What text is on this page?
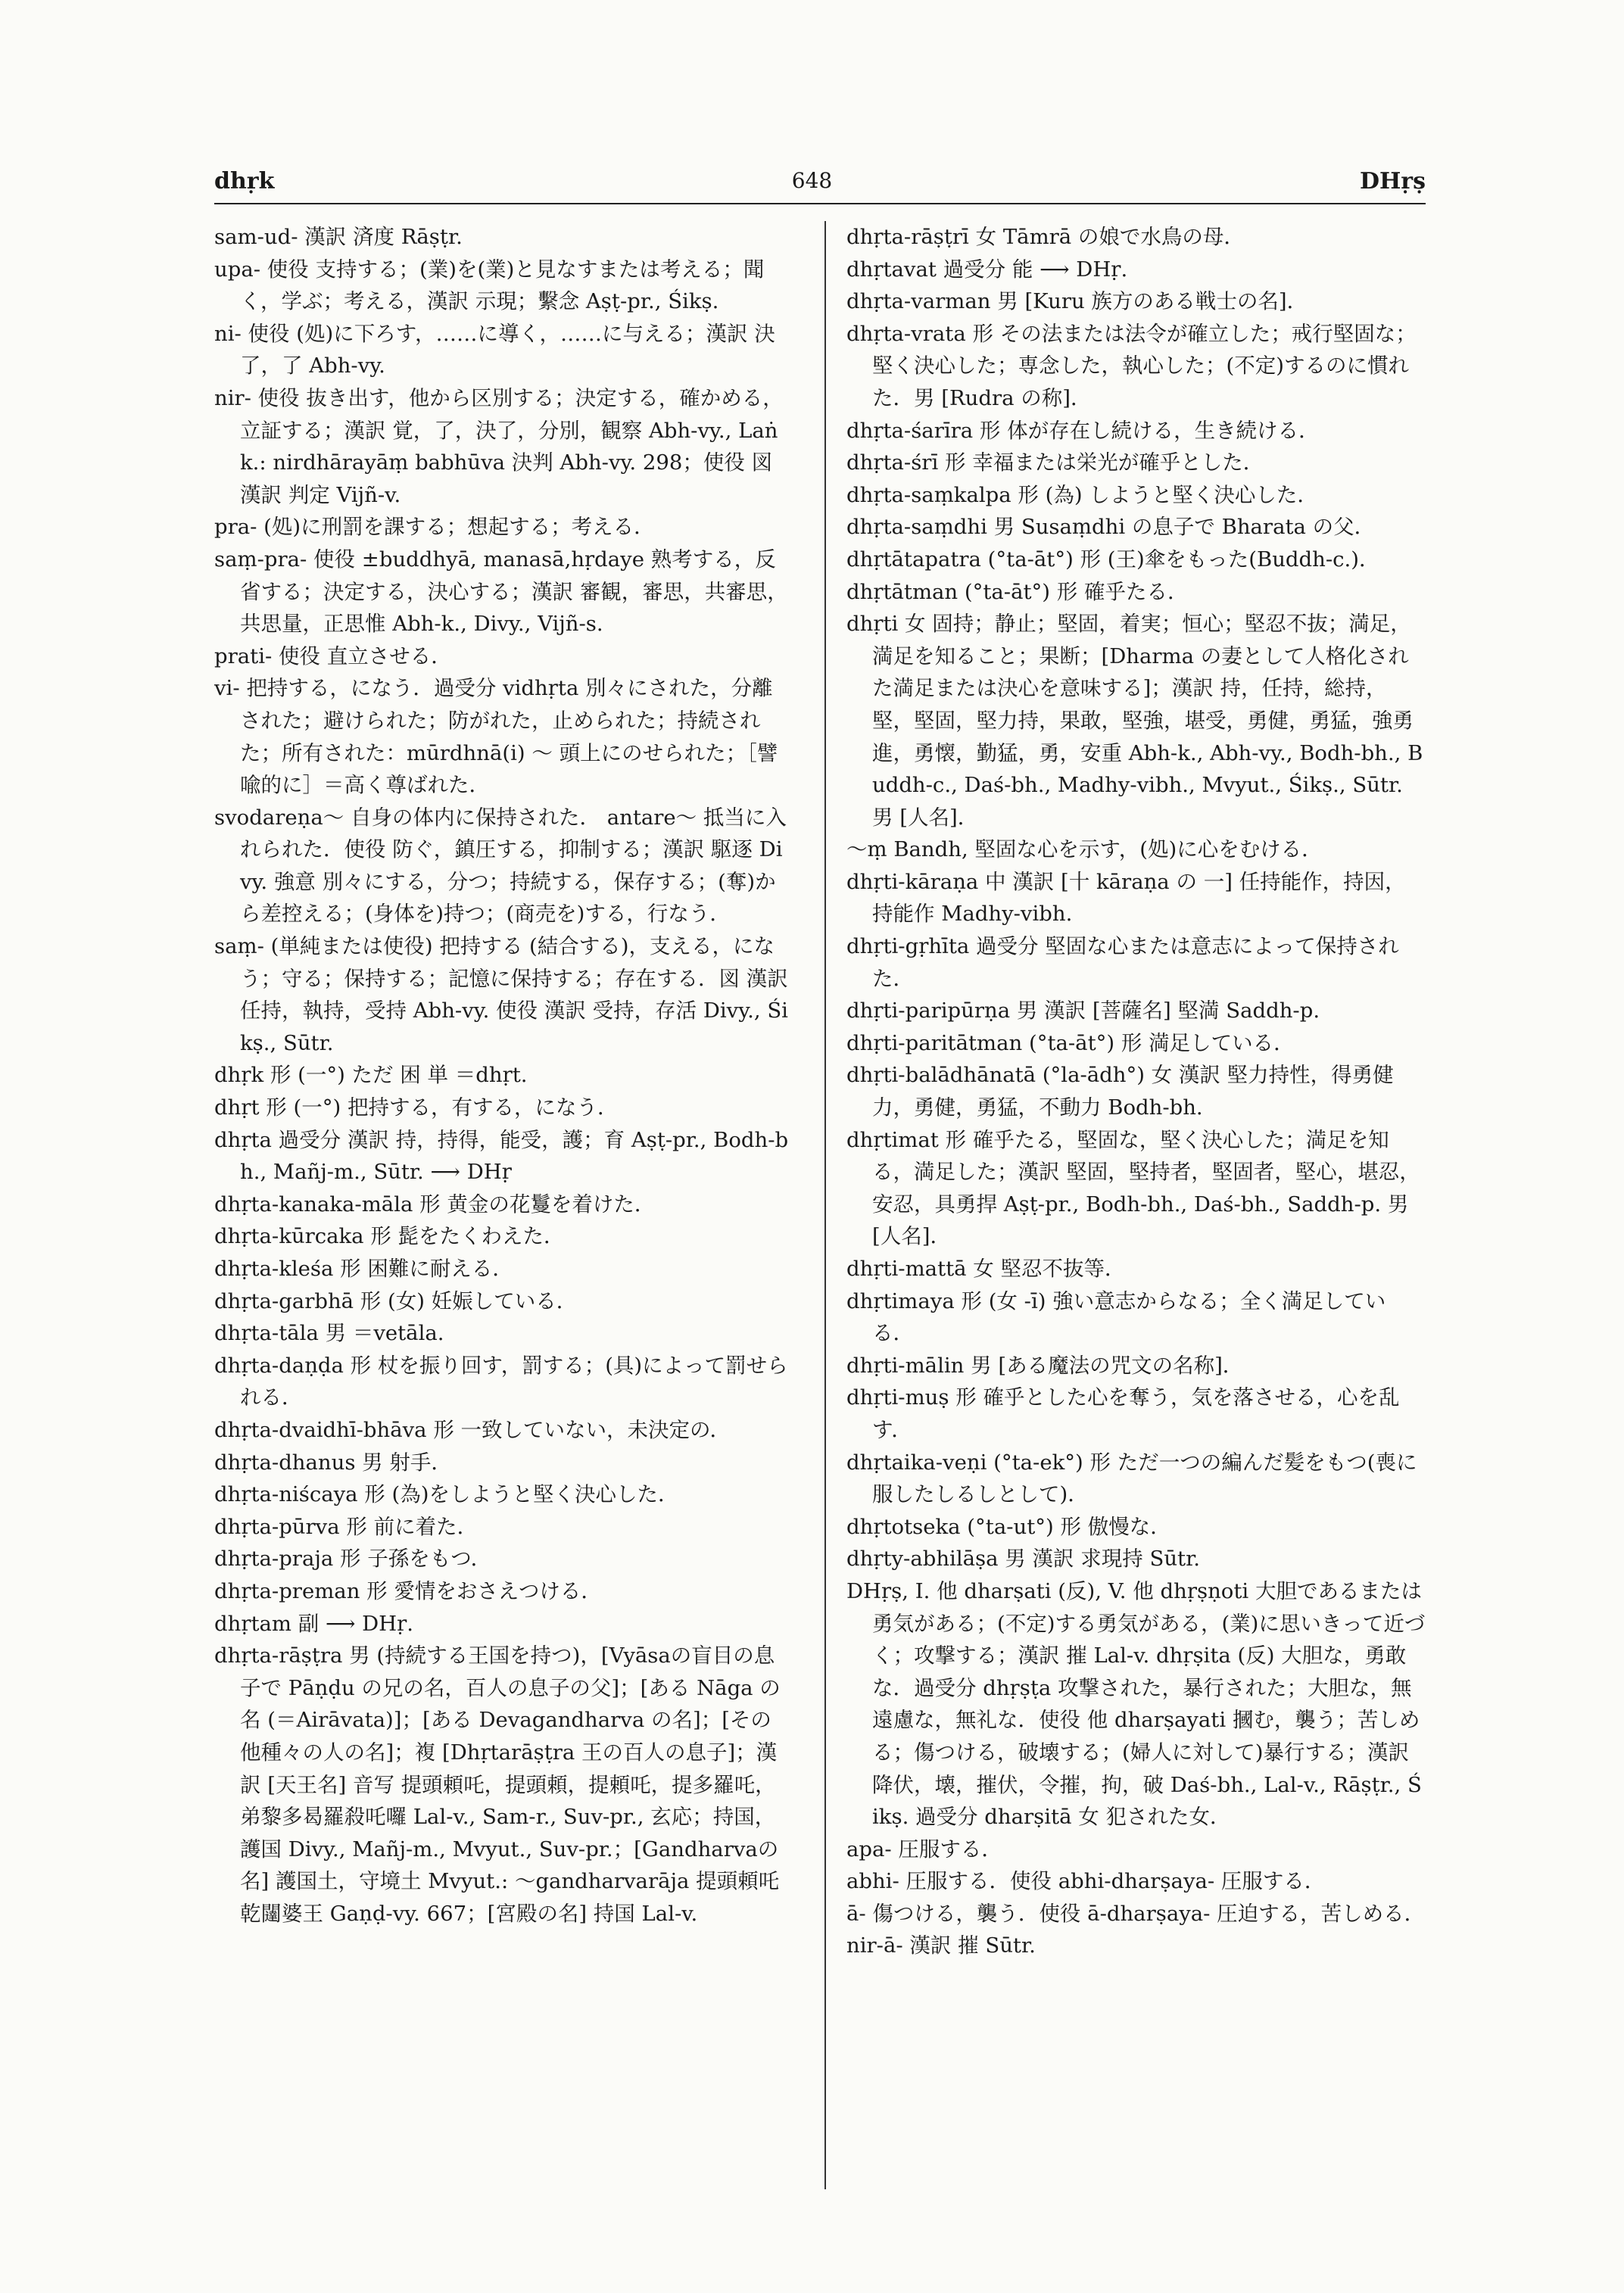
dhṛk	648	DHṛṣ

sam-ud- 漢訳 済度 Rāṣṭr.

upa- 使役 支持する；(業)を(業)と見なすまたは考える；聞く，学ぶ；考える，漢訳 示現；繫念 Aṣṭ-pr., Śikṣ.

ni- 使役 (処)に下ろす，……に導く，……に与える；漢訳 決了，了 Abh-vy.

nir- 使役 抜き出す，他から区別する；決定する，確かめる，立証する；漢訳 覚，了，決了，分別，観察 Abh-vy., Laṅk.: nirdhārayāṃ babhūva 決判 Abh-vy. 298；使役 図 漢訳 判定 Vijñ-v.

pra- (処)に刑罰を課する；想起する；考える．

saṃ-pra- 使役 ±buddhyā, manasā,hṛdaye 熟考する，反省する；決定する，決心する；漢訳 審観，審思，共審思，共思量，正思惟 Abh-k., Divy., Vijñ-s.

prati- 使役 直立させる．

vi- 把持する，になう．過受分 vidhṛta 別々にされた，分離された；避けられた；防がれた，止められた；持続された；所有された：mūrdhnā(i) ～ 頭上にのせられた；［譬喩的に］＝高く尊ばれた．

svodareṇa～ 自身の体内に保持された． antare～ 抵当に入れられた．使役 防ぐ，鎮圧する，抑制する；漢訳 駆逐 Divy. 強意 別々にする，分つ；持続する，保存する；(奪)から差控える；(身体を)持つ；(商売を)する，行なう．

saṃ- (単純または使役) 把持する (結合する)，支える，になう；守る；保持する；記憶に保持する；存在する．図 漢訳 任持，執持，受持 Abh-vy. 使役 漢訳 受持，存活 Divy., Śikṣ., Sūtr.

dhṛk 形 (一°) ただ 困 単 ＝dhṛt.

dhṛt 形 (一°) 把持する，有する，になう．

dhṛta 過受分 漢訳 持，持得，能受，護；育 Aṣṭ-pr., Bodh-bh., Mañj-m., Sūtr. ⟶ DHṛ

dhṛta-kanaka-māla 形 黄金の花鬘を着けた．

dhṛta-kūrcaka 形 髭をたくわえた．

dhṛta-kleśa 形 困難に耐える．

dhṛta-garbhā 形 (女) 妊娠している．

dhṛta-tāla 男 ＝vetāla.

dhṛta-daṇḍa 形 杖を振り回す，罰する；(具)によって罰せられる．

dhṛta-dvaidhī-bhāva 形 一致していない，未決定の．

dhṛta-dhanus 男 射手．

dhṛta-niścaya 形 (為)をしようと堅く決心した．

dhṛta-pūrva 形 前に着た．

dhṛta-praja 形 子孫をもつ．

dhṛta-preman 形 愛情をおさえつける．

dhṛtam 副 ⟶ DHṛ.

dhṛta-rāṣṭra 男 (持続する王国を持つ)，[Vyāsaの盲目の息子で Pāṇḍu の兄の名，百人の息子の父]；[ある Nāga の名 (＝Airāvata)]；[ある Devagandharva の名]；[その他種々の人の名]；複 [Dhṛtarāṣṭra 王の百人の息子]；漢訳 [天王名] 音写 提頭頼吒，提頭頼，提頼吒，提多羅吒，弟黎多曷羅殺吒囉 Lal-v., Sam-r., Suv-pr., 玄応；持国，護国 Divy., Mañj-m., Mvyut., Suv-pr.；[Gandharvaの名] 護国土，守境土 Mvyut.: ～gandharvarāja 提頭頼吒乾闥婆王 Gaṇḍ-vy. 667；[宮殿の名] 持国 Lal-v.

dhṛta-rāṣṭrī 女 Tāmrā の娘で水鳥の母．

dhṛtavat 過受分 能 ⟶ DHṛ.

dhṛta-varman 男 [Kuru 族方のある戦士の名]．

dhṛta-vrata 形 その法または法令が確立した；戒行堅固な；堅く決心した；専念した，執心した；(不定)するのに慣れた．男 [Rudra の称]．

dhṛta-śarīra 形 体が存在し続ける，生き続ける．

dhṛta-śrī 形 幸福または栄光が確乎とした．

dhṛta-saṃkalpa 形 (為) しようと堅く決心した．

dhṛta-saṃdhi 男 Susaṃdhi の息子で Bharata の父．

dhṛtātapatra (°ta-āt°) 形 (王)傘をもった(Buddh-c.)．

dhṛtātman (°ta-āt°) 形 確乎たる．

dhṛti 女 固持；静止；堅固，着実；恒心；堅忍不抜；満足，満足を知ること；果断；[Dharma の妻として人格化された満足または決心を意味する]；漢訳 持，任持，総持，堅，堅固，堅力持，果敢，堅強，堪受，勇健，勇猛，強勇進，勇懐，勤猛，勇，安重 Abh-k., Abh-vy., Bodh-bh., Buddh-c., Daś-bh., Madhy-vibh., Mvyut., Śikṣ., Sūtr. 男 [人名]．

～ṃ Bandh, 堅固な心を示す，(処)に心をむける．

dhṛti-kāraṇa 中 漢訳 [十 kāraṇa の 一] 任持能作，持因，持能作 Madhy-vibh.

dhṛti-gṛhīta 過受分 堅固な心または意志によって保持された．

dhṛti-paripūrṇa 男 漢訳 [菩薩名] 堅満 Saddh-p.

dhṛti-paritātman (°ta-āt°) 形 満足している．

dhṛti-balādhānatā (°la-ādh°) 女 漢訳 堅力持性，得勇健力，勇健，勇猛，不動力 Bodh-bh.

dhṛtimat 形 確乎たる，堅固な，堅く決心した；満足を知る，満足した；漢訳 堅固，堅持者，堅固者，堅心，堪忍，安忍，具勇捍 Aṣṭ-pr., Bodh-bh., Daś-bh., Saddh-p. 男 [人名]．

dhṛti-mattā 女 堅忍不抜等．

dhṛtimaya 形 (女 -ī) 強い意志からなる；全く満足している．

dhṛti-mālin 男 [ある魔法の咒文の名称]．

dhṛti-muṣ 形 確乎とした心を奪う，気を落させる，心を乱す．

dhṛtaika-veṇi (°ta-ek°) 形 ただ一つの編んだ髪をもつ(喪に服したしるしとして)．

dhṛtotseka (°ta-ut°) 形 傲慢な．

dhṛty-abhilāṣa 男 漢訳 求現持 Sūtr.

DHṛṣ, I. 他 dharṣati (反), V. 他 dhṛṣṇoti 大胆であるまたは勇気がある；(不定)する勇気がある，(業)に思いきって近づく；攻撃する；漢訳 摧 Lal-v. dhṛṣita (反) 大胆な，勇敢な．過受分 dhṛṣṭa 攻撃された，暴行された；大胆な，無遠慮な，無礼な．使役 他 dharṣayati 摑む，襲う；苦しめる；傷つける，破壊する；(婦人に対して)暴行する；漢訳 降伏，壊，摧伏，令摧，拘，破 Daś-bh., Lal-v., Rāṣṭr., Śikṣ. 過受分 dharṣitā 女 犯された女．

apa- 圧服する．

abhi- 圧服する．使役 abhi-dharṣaya- 圧服する．

ā- 傷つける，襲う．使役 ā-dharṣaya- 圧迫する，苦しめる．

nir-ā- 漢訳 摧 Sūtr.
